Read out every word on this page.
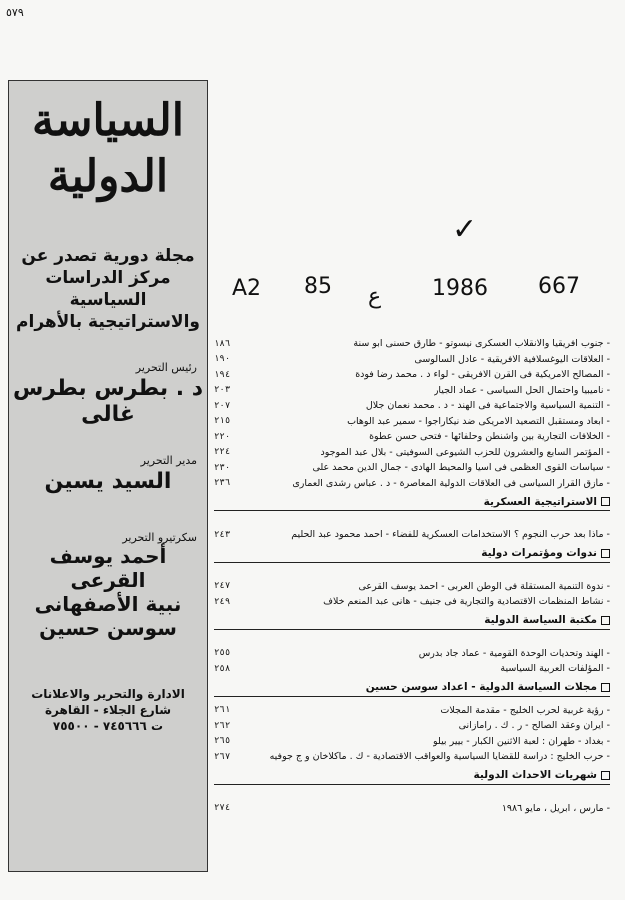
٥٧٩
السياسة
الدولية
مجلة دورية تصدر عن
مركز الدراسات السياسية
والاستراتيجية بالأهرام
رئيس التحرير
د . بطرس بطرس غالى
مدير التحرير
السيد يسين
سكرتيرو التحرير
أحمد يوسف القرعى
نبية الأصفهانى
سوسن حسين
الادارة والتحرير والاعلانات
شارع الجلاء - القاهرة
ت ٧٤٥٦٦٦ - ٧٥٥٠٠
✓
A2 85 ع 1986 667
- جنوب افريقيا والانقلاب العسكرى نيسوتو - طارق حسنى ابو سنة
١٨٦
- العلاقات اليوغسلافية الافريقية - عادل السالوسى
١٩٠
- المصالح الامريكية فى القرن الافريقى - لواء د . محمد رضا فودة
١٩٤
- ناميبيا واحتمال الحل السياسى - عماد الجيار
٢٠٣
- التنمية السياسية والاجتماعية فى الهند - د . محمد نعمان جلال
٢٠٧
- ابعاد ومستقبل التصعيد الامريكى ضد نيكاراجوا - سمير عبد الوهاب
٢١٥
- الخلافات التجارية بين واشنطن وحلفائها - فتحى حسن عطوة
٢٢٠
- المؤتمر السابع والعشرون للحزب الشيوعى السوفيتى - بلال عبد الموجود
٢٢٤
- سياسات القوى العظمى فى آسيا والمحيط الهادى - جمال الدين محمد على
٢٣٠
- مأزق القرار السياسى فى العلاقات الدولية المعاصرة - د . عباس رشدى العمارى
٢٣٦
الاستراتيجية العسكرية
- ماذا بعد حرب النجوم ؟ الاستخدامات العسكرية للفضاء - احمد محمود عبد الحليم
٢٤٣
ندوات ومؤتمرات دولية
- ندوة التنمية المستقلة فى الوطن العربى - احمد يوسف القرعى
٢٤٧
- نشاط المنظمات الاقتصادية والتجارية فى جنيف - هانى عبد المنعم خلاف
٢٤٩
مكتبة السياسة الدولية
- الهند وتحديات الوحدة القومية - عماد جاد بدرس
٢٥٥
- المؤلفات العربية السياسية
٢٥٨
مجلات السياسة الدولية - اعداد سوسن حسين
- رؤية غربية لحرب الخليج - مقدمة المجلات
٢٦١
- ايران وعقد الصالح - ر . ك . رامازانى
٢٦٢
- بغداد - طهران : لعبة الاثنين الكبار - بيير بيلو
٢٦٥
- حرب الخليج : دراسة للقضايا السياسية والعواقب الاقتصادية - ك . ماكلاخان و ج جوفيه
٢٦٧
شهريات الاحداث الدولية
- مارس ، ابريل ، مايو ١٩٨٦
٢٧٤
